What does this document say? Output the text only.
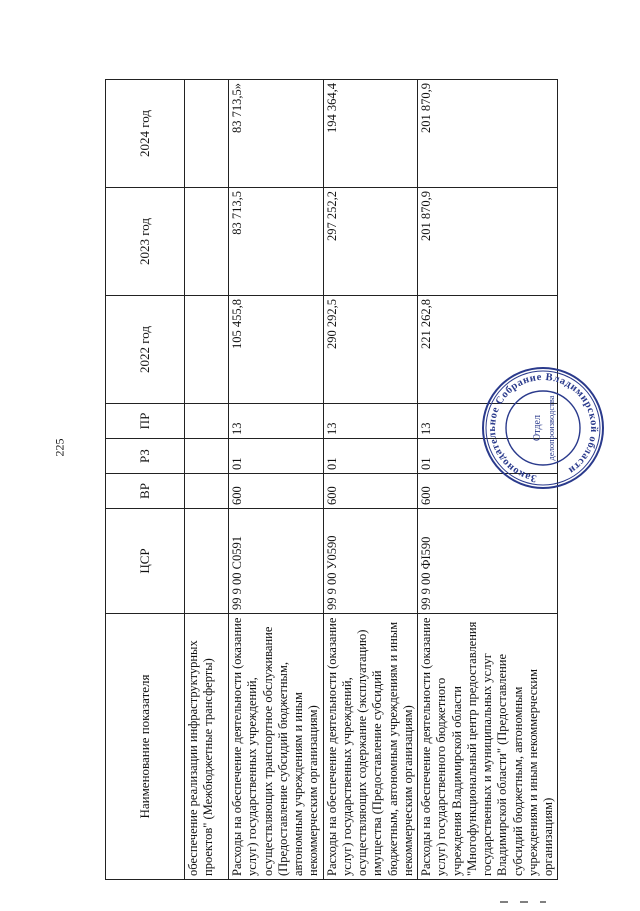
225
Наименование показателя	ЦСР	ВР	РЗ	ПР	2022 год	2023 год	2024 год
обеспечение реализации инфраструктурных проектов" (Межбюджетные трансферты)							
Расходы на обеспечение деятельности (оказание услуг) государственных учреждений, осуществляющих транспортное обслуживание (Предоставление субсидий бюджетным, автономным учреждениям и иным некоммерческим организациям)	99 9 00 С0591	600	01	13	105 455,8	83 713,5	83 713,5»
Расходы на обеспечение деятельности (оказание услуг) государственных учреждений, осуществляющих содержание (эксплуатацию) имущества (Предоставление субсидий бюджетным, автономным учреждениям и иным некоммерческим организациям)	99 9 00 У0590	600	01	13	290 292,5	297 252,2	194 364,4
Расходы на обеспечение деятельности (оказание услуг) государственного бюджетного учреждения Владимирской области "Многофункциональный центр предоставления государственных и муниципальных услуг Владимирской области" (Предоставление субсидий бюджетным, автономным учреждениям и иным некоммерческим организациям)	99 9 00 ФI590	600	01	13	221 262,8	201 870,9	201 870,9
Законодательное Собрание Владимирской области
Отдел делопроизводства
